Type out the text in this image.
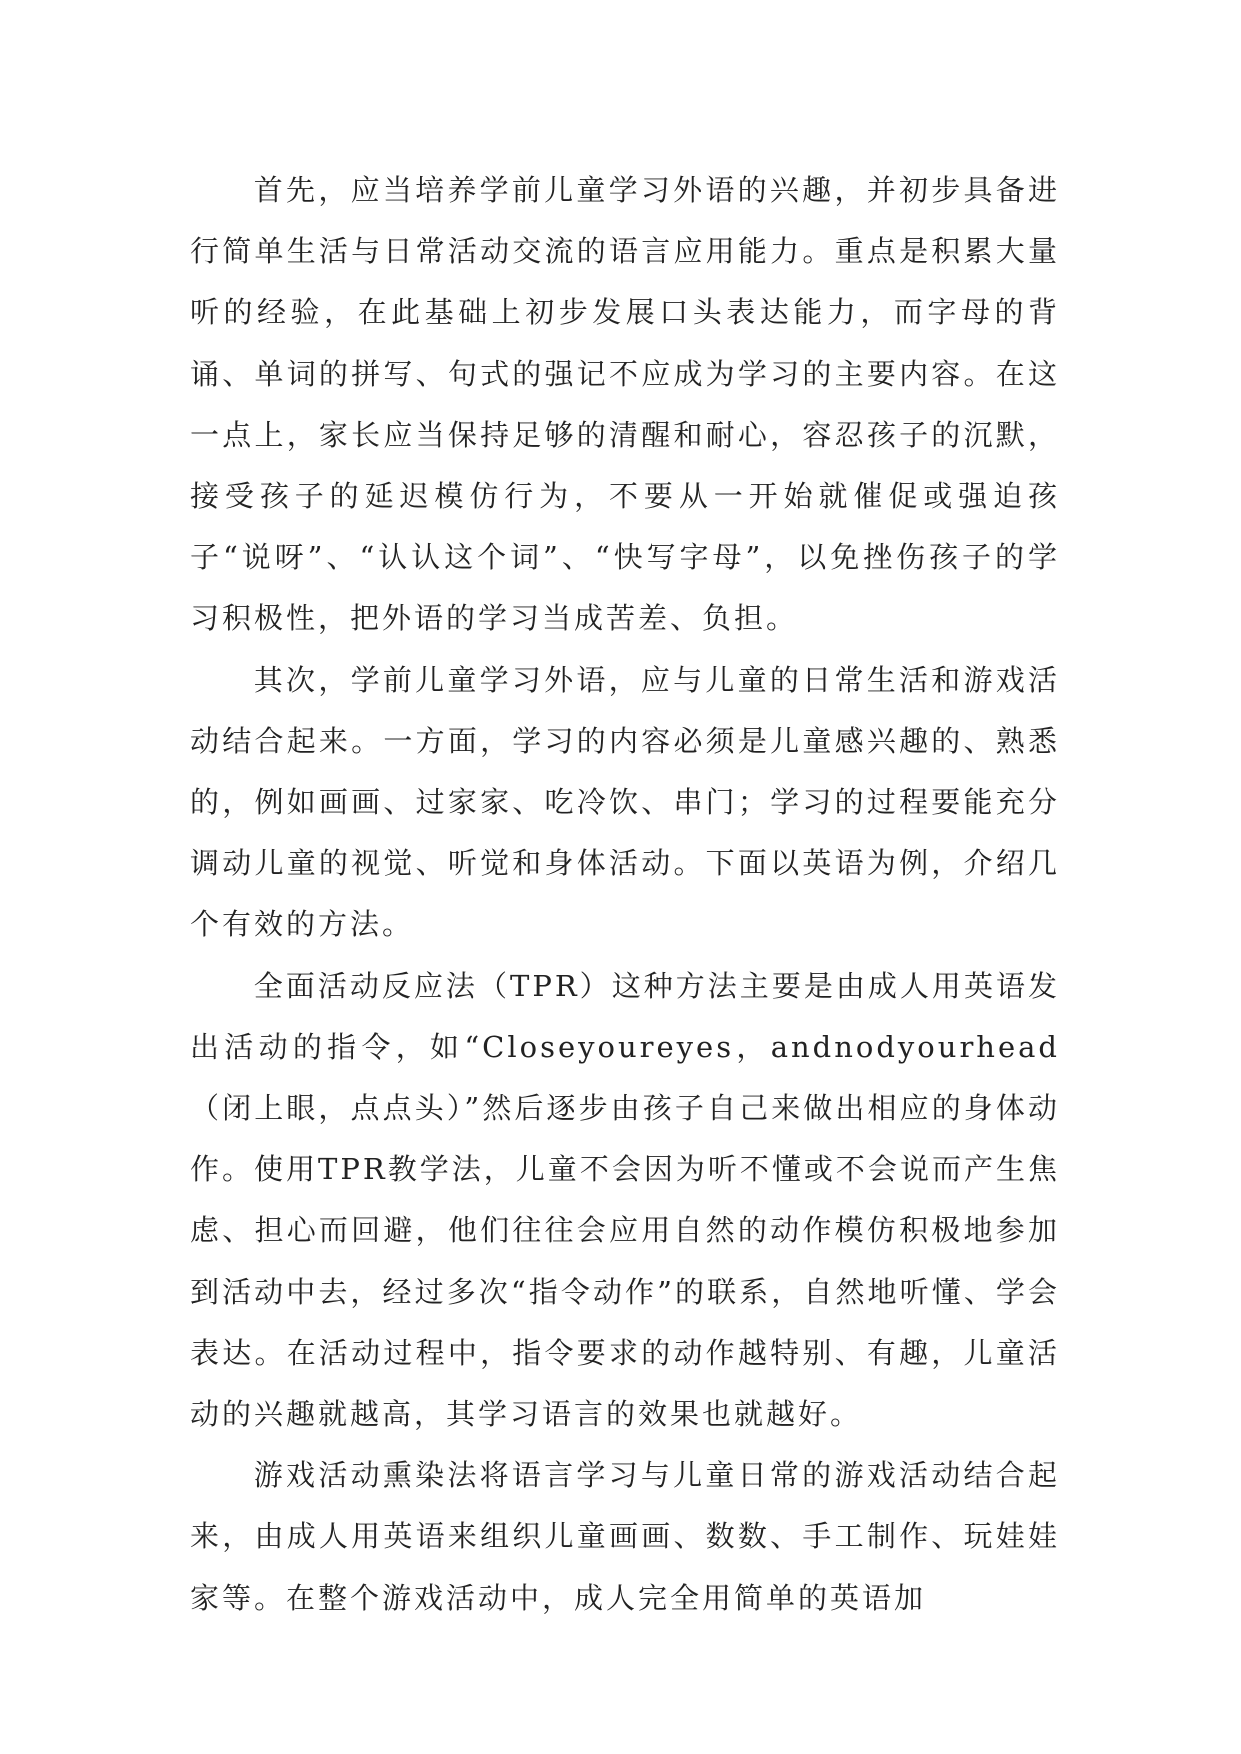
首先，应当培养学前儿童学习外语的兴趣，并初步具备进行简单生活与日常活动交流的语言应用能力。重点是积累大量听的经验，在此基础上初步发展口头表达能力，而字母的背诵、单词的拼写、句式的强记不应成为学习的主要内容。在这一点上，家长应当保持足够的清醒和耐心，容忍孩子的沉默，接受孩子的延迟模仿行为，不要从一开始就催促或强迫孩子“说呀”、“认认这个词”、“快写字母”，以免挫伤孩子的学习积极性，把外语的学习当成苦差、负担。

其次，学前儿童学习外语，应与儿童的日常生活和游戏活动结合起来。一方面，学习的内容必须是儿童感兴趣的、熟悉的，例如画画、过家家、吃冷饮、串门；学习的过程要能充分调动儿童的视觉、听觉和身体活动。下面以英语为例，介绍几个有效的方法。

全面活动反应法（TPR）这种方法主要是由成人用英语发出活动的指令，如“Closeyoureyes，andnodyourhead（闭上眼，点点头）”然后逐步由孩子自己来做出相应的身体动作。使用TPR教学法，儿童不会因为听不懂或不会说而产生焦虑、担心而回避，他们往往会应用自然的动作模仿积极地参加到活动中去，经过多次“指令动作”的联系，自然地听懂、学会表达。在活动过程中，指令要求的动作越特别、有趣，儿童活动的兴趣就越高，其学习语言的效果也就越好。

游戏活动熏染法将语言学习与儿童日常的游戏活动结合起来，由成人用英语来组织儿童画画、数数、手工制作、玩娃娃家等。在整个游戏活动中，成人完全用简单的英语加
